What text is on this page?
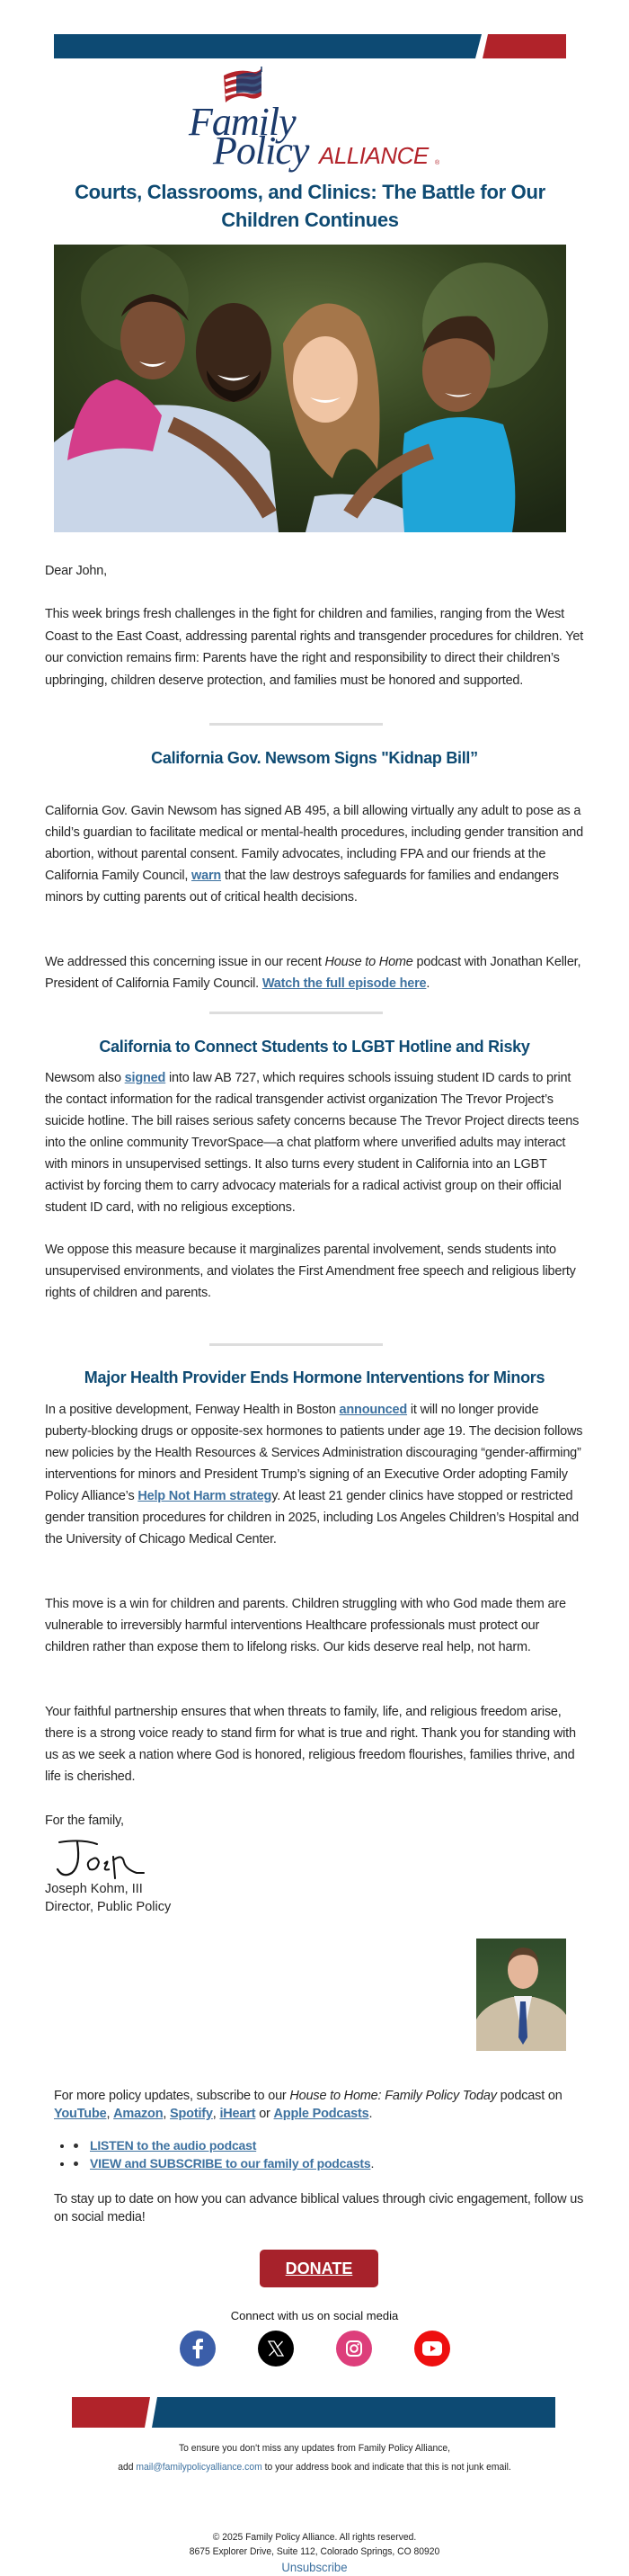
Family
Policy ALLIANCE ®
Courts, Classrooms, and Clinics: The Battle for Our Children Continues

Dear John,

This week brings fresh challenges in the fight for children and families, ranging from the West Coast to the East Coast, addressing parental rights and transgender procedures for children. Yet our conviction remains firm: Parents have the right and responsibility to direct their children’s upbringing, children deserve protection, and families must be honored and supported.

California Gov. Newsom Signs "Kidnap Bill”

California Gov. Gavin Newsom has signed AB 495, a bill allowing virtually any adult to pose as a child’s guardian to facilitate medical or mental-health procedures, including gender transition and abortion, without parental consent. Family advocates, including FPA and our friends at the California Family Council, warn that the law destroys safeguards for families and endangers minors by cutting parents out of critical health decisions.

We addressed this concerning issue in our recent House to Home podcast with Jonathan Keller, President of California Family Council. Watch the full episode here.

California to Connect Students to LGBT Hotline and Risky

Newsom also signed into law AB 727, which requires schools issuing student ID cards to print the contact information for the radical transgender activist organization The Trevor Project’s suicide hotline. The bill raises serious safety concerns because The Trevor Project directs teens into the online community TrevorSpace—a chat platform where unverified adults may interact with minors in unsupervised settings. It also turns every student in California into an LGBT activist by forcing them to carry advocacy materials for a radical activist group on their official student ID card, with no religious exceptions.

We oppose this measure because it marginalizes parental involvement, sends students into unsupervised environments, and violates the First Amendment free speech and religious liberty rights of children and parents.

Major Health Provider Ends Hormone Interventions for Minors

In a positive development, Fenway Health in Boston announced it will no longer provide puberty-blocking drugs or opposite-sex hormones to patients under age 19. The decision follows new policies by the Health Resources & Services Administration discouraging “gender-affirming” interventions for minors and President Trump’s signing of an Executive Order adopting Family Policy Alliance’s Help Not Harm strategy. At least 21 gender clinics have stopped or restricted gender transition procedures for children in 2025, including Los Angeles Children’s Hospital and the University of Chicago Medical Center.

This move is a win for children and parents. Children struggling with who God made them are vulnerable to irreversibly harmful interventions Healthcare professionals must protect our children rather than expose them to lifelong risks. Our kids deserve real help, not harm.

Your faithful partnership ensures that when threats to family, life, and religious freedom arise, there is a strong voice ready to stand firm for what is true and right. Thank you for standing with us as we seek a nation where God is honored, religious freedom flourishes, families thrive, and life is cherished.

For the family,

Joseph Kohm, III

Director, Public Policy

For more policy updates, subscribe to our House to Home: Family Policy Today podcast on YouTube, Amazon, Spotify, iHeart or Apple Podcasts.

• LISTEN to the audio podcast
• VIEW and SUBSCRIBE to our family of podcasts.

To stay up to date on how you can advance biblical values through civic engagement, follow us on social media!

DONATE

Connect with us on social media

To ensure you don't miss any updates from Family Policy Alliance,

add mail@familypolicyalliance.com to your address book and indicate that this is not junk email.

© 2025 Family Policy Alliance. All rights reserved.

8675 Explorer Drive, Suite 112, Colorado Springs, CO 80920

Unsubscribe
